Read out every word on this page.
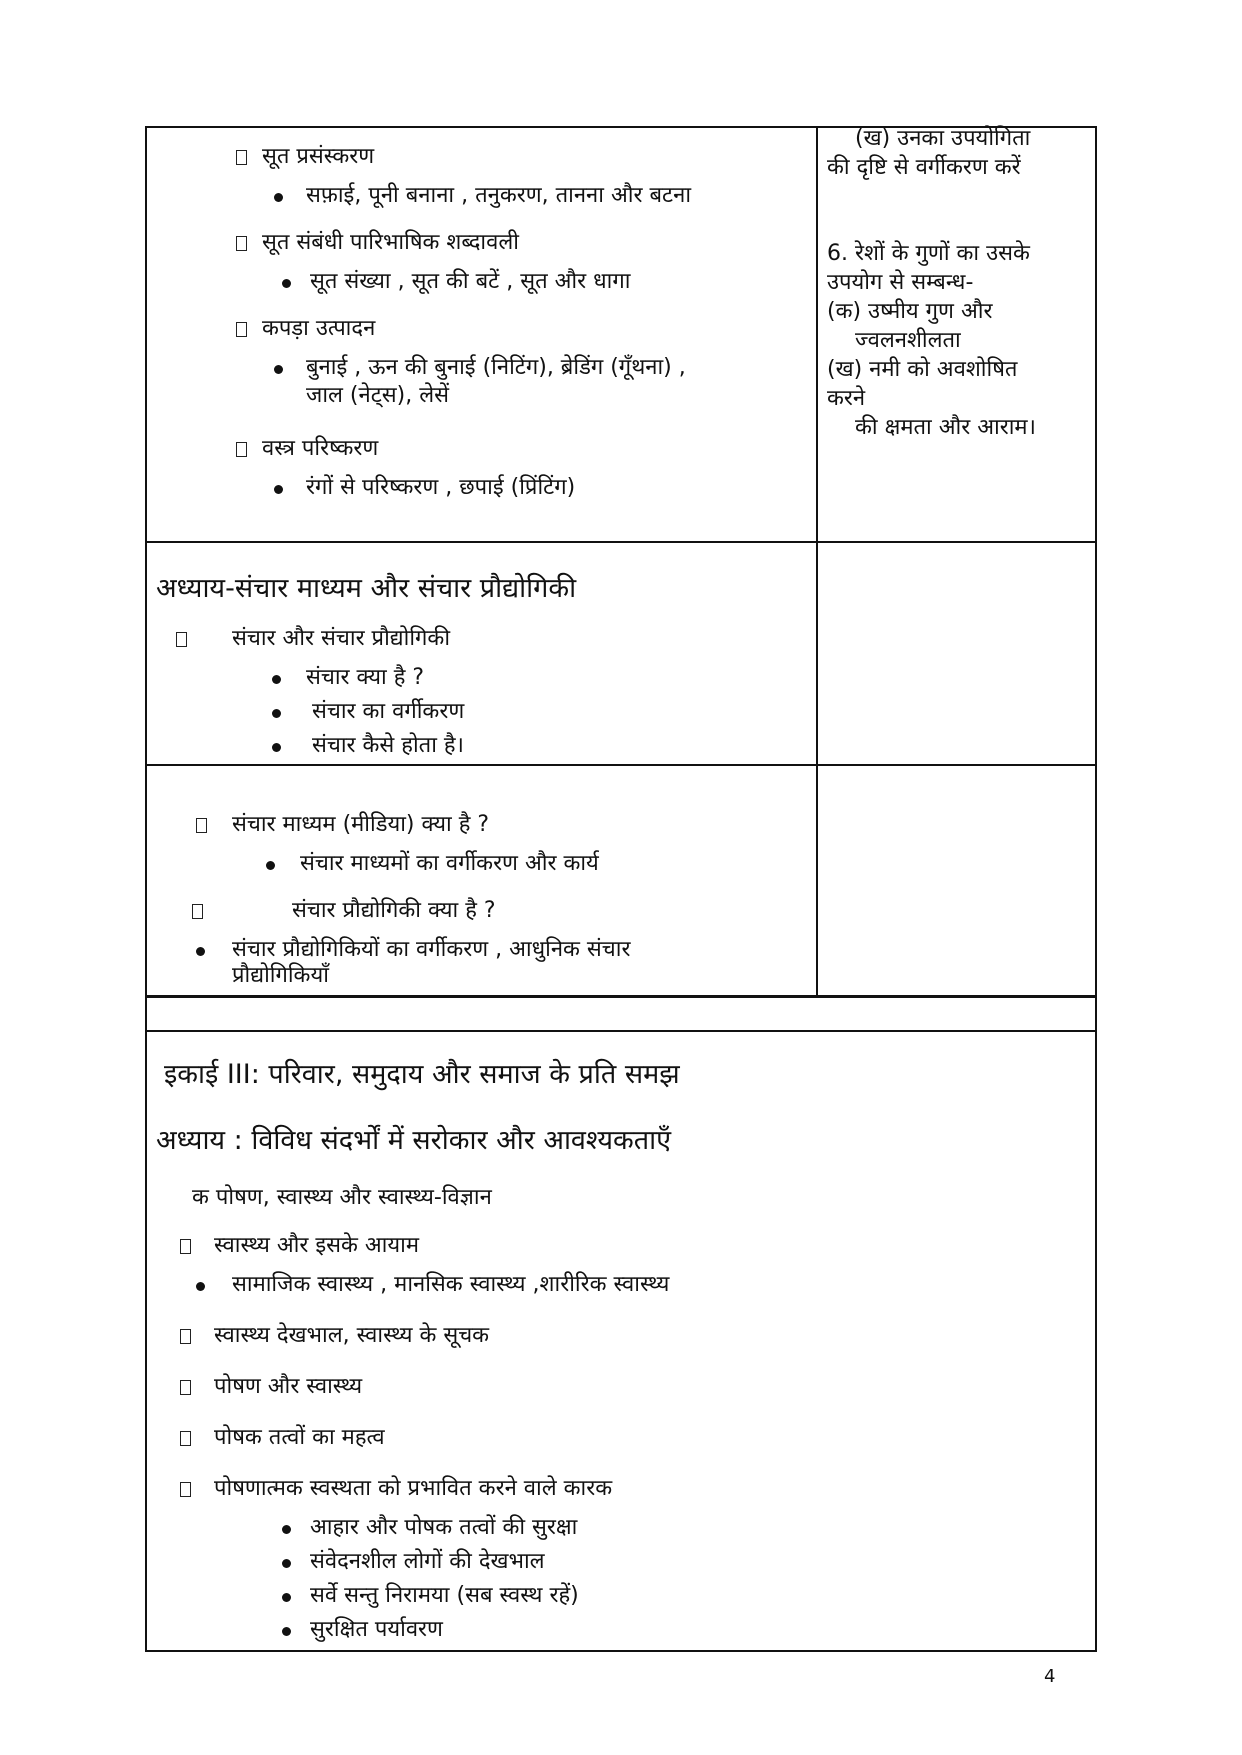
सूत प्रसंस्करण
सफ़ाई, पूनी बनाना , तनुकरण, तानना और बटना
सूत संबंधी पारिभाषिक शब्दावली
सूत संख्या , सूत की बटें , सूत और धागा
कपड़ा उत्पादन
बुनाई , ऊन की बुनाई (निटिंग), ब्रेडिंग (गूँथना) ,
जाल (नेट्स), लेसें
वस्त्र परिष्करण
रंगों से परिष्करण , छपाई (प्रिंटिंग)
(ख) उनका उपयोगिता
की दृष्टि से वर्गीकरण करें
6. रेशों के गुणों का उसके
उपयोग से सम्बन्ध-
(क) उष्मीय गुण और
ज्वलनशीलता
(ख) नमी को अवशोषित
करने
की क्षमता और आराम।
अध्याय-संचार माध्यम और संचार प्रौद्योगिकी
संचार और संचार प्रौद्योगिकी
संचार क्या है ?
संचार का वर्गीकरण
संचार कैसे होता है।
संचार माध्यम (मीडिया) क्या है ?
संचार माध्यमों का वर्गीकरण और कार्य
संचार प्रौद्योगिकी क्या है ?
संचार प्रौद्योगिकियों का वर्गीकरण , आधुनिक संचार
प्रौद्योगिकियाँ
इकाई III: परिवार, समुदाय और समाज के प्रति समझ
अध्याय : विविध संदर्भों में सरोकार और आवश्यकताएँ
क पोषण, स्वास्थ्य और स्वास्थ्य-विज्ञान
स्वास्थ्य और इसके आयाम
सामाजिक स्वास्थ्य , मानसिक स्वास्थ्य ,शारीरिक स्वास्थ्य
स्वास्थ्य देखभाल, स्वास्थ्य के सूचक
पोषण और स्वास्थ्य
पोषक तत्वों का महत्व
पोषणात्मक स्वस्थता को प्रभावित करने वाले कारक
आहार और पोषक तत्वों की सुरक्षा
संवेदनशील लोगों की देखभाल
सर्वे सन्तु निरामया (सब स्वस्थ रहें)
सुरक्षित पर्यावरण
4
